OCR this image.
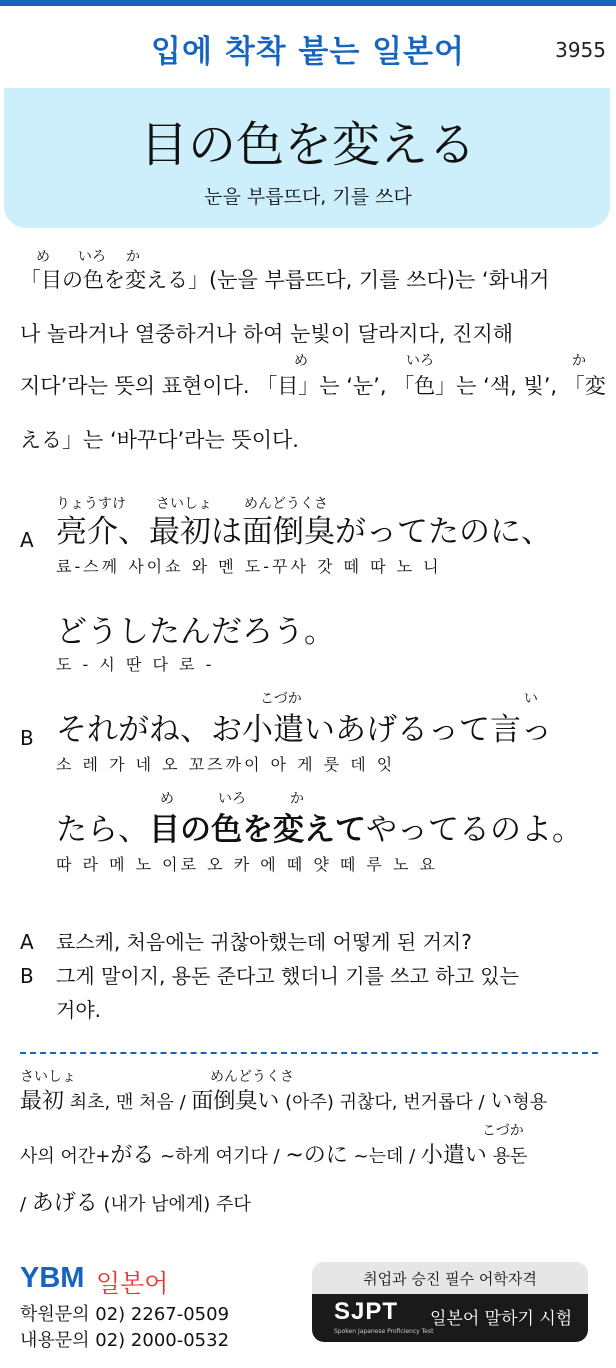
입에 착착 붙는 일본어	3955
目の色を変える
눈을 부릅뜨다, 기를 쓰다
め いろ か
「目の色を変える」(눈을 부릅뜨다, 기를 쓰다)는 ‘화내거
나 놀라거나 열중하거나 하여 눈빛이 달라지다, 진지해
め	いろ	か
지다’라는 뜻의 표현이다. 「目」는 ‘눈’, 「色」는 ‘색, 빛’, 「変
える」는 ‘바꾸다’라는 뜻이다.
りょうすけ さいしょ めんどうくさ
A 亮介、最初は面倒臭がってたのに、
료-스께 사이쇼 와 멘 도-꾸사 갓 떼 따 노 니
どうしたんだろう。
도 - 시 딴 다 로 -
こづか	い
B それがね、お小遣いあげるって言っ
소 레 가 네 오 꼬즈까이 아 게 룻 데 잇
め	いろ	か
たら、目の色を変えてやってるのよ。
따 라 메 노 이로 오 카 에 떼 얏 떼 루 노 요
A 료스케, 처음에는 귀찮아했는데 어떻게 된 거지?
B 그게 말이지, 용돈 준다고 했더니 기를 쓰고 하고 있는
거야.
さいしょ	めんどうくさ
最初 최초, 맨 처음 / 面倒臭い (아주) 귀찮다, 번거롭다 / い형용
こづか
사의 어간+がる ~하게 여기다 / ~のに ~는데 / 小遣い 용돈
/ あげる (내가 남에게) 주다
YBM 일본어
학원문의 02) 2267-0509
내용문의 02) 2000-0532
취업과 승진 필수 어학자격
SJPT
Spoken Japanese Proficiency Test
일본어 말하기 시험
